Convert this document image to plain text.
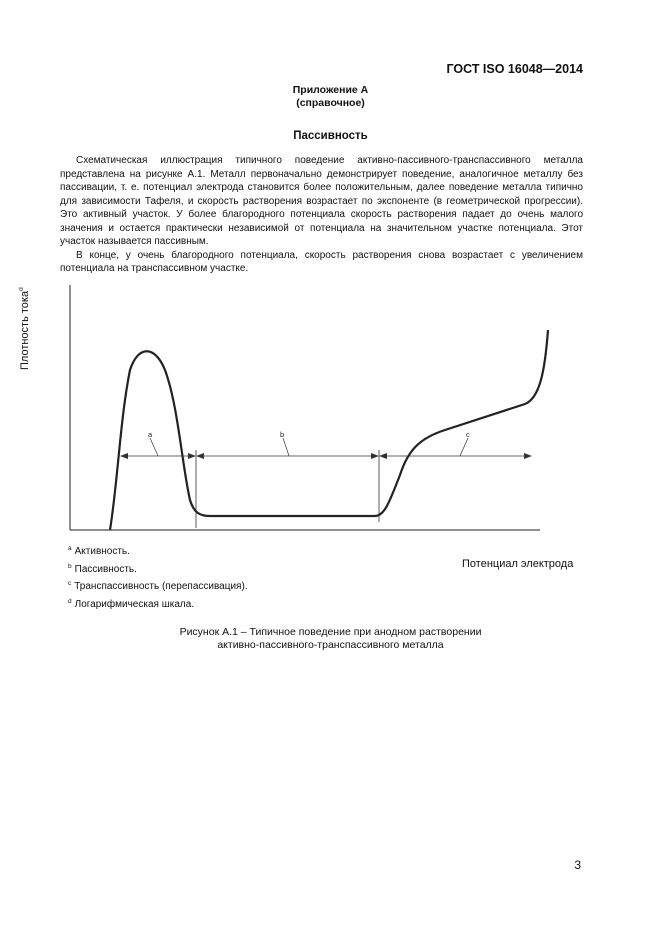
ГОСТ ISO 16048—2014
Приложение А
(справочное)
Пассивность

Схематическая иллюстрация типичного поведение активно-пассивного-транспассивного металла представлена на рисунке А.1. Металл первоначально демонстрирует поведение, аналогичное металлу без пассивации, т. е. потенциал электрода становится более положительным, далее поведение металла типично для зависимости Тафеля, и скорость растворения возрастает по экспоненте (в геометрической прогрессии). Это активный участок. У более благородного потенциала скорость растворения падает до очень малого значения и остается практически независимой от потенциала на значительном участке потенциала. Этот участок называется пассивным.

В конце, у очень благородного потенциала, скорость растворения снова возрастает с увеличением потенциала на транспассивном участке.

Плотность тока$^d$
a	b	c
Потенциал электрода
$^a$ Активность.
$^b$ Пассивность.
$^c$ Транспассивность (перепассивация).
$^d$ Логарифмическая шкала.
Рисунок А.1 – Типичное поведение при анодном растворении
активно-пассивного-транспассивного металла
3
